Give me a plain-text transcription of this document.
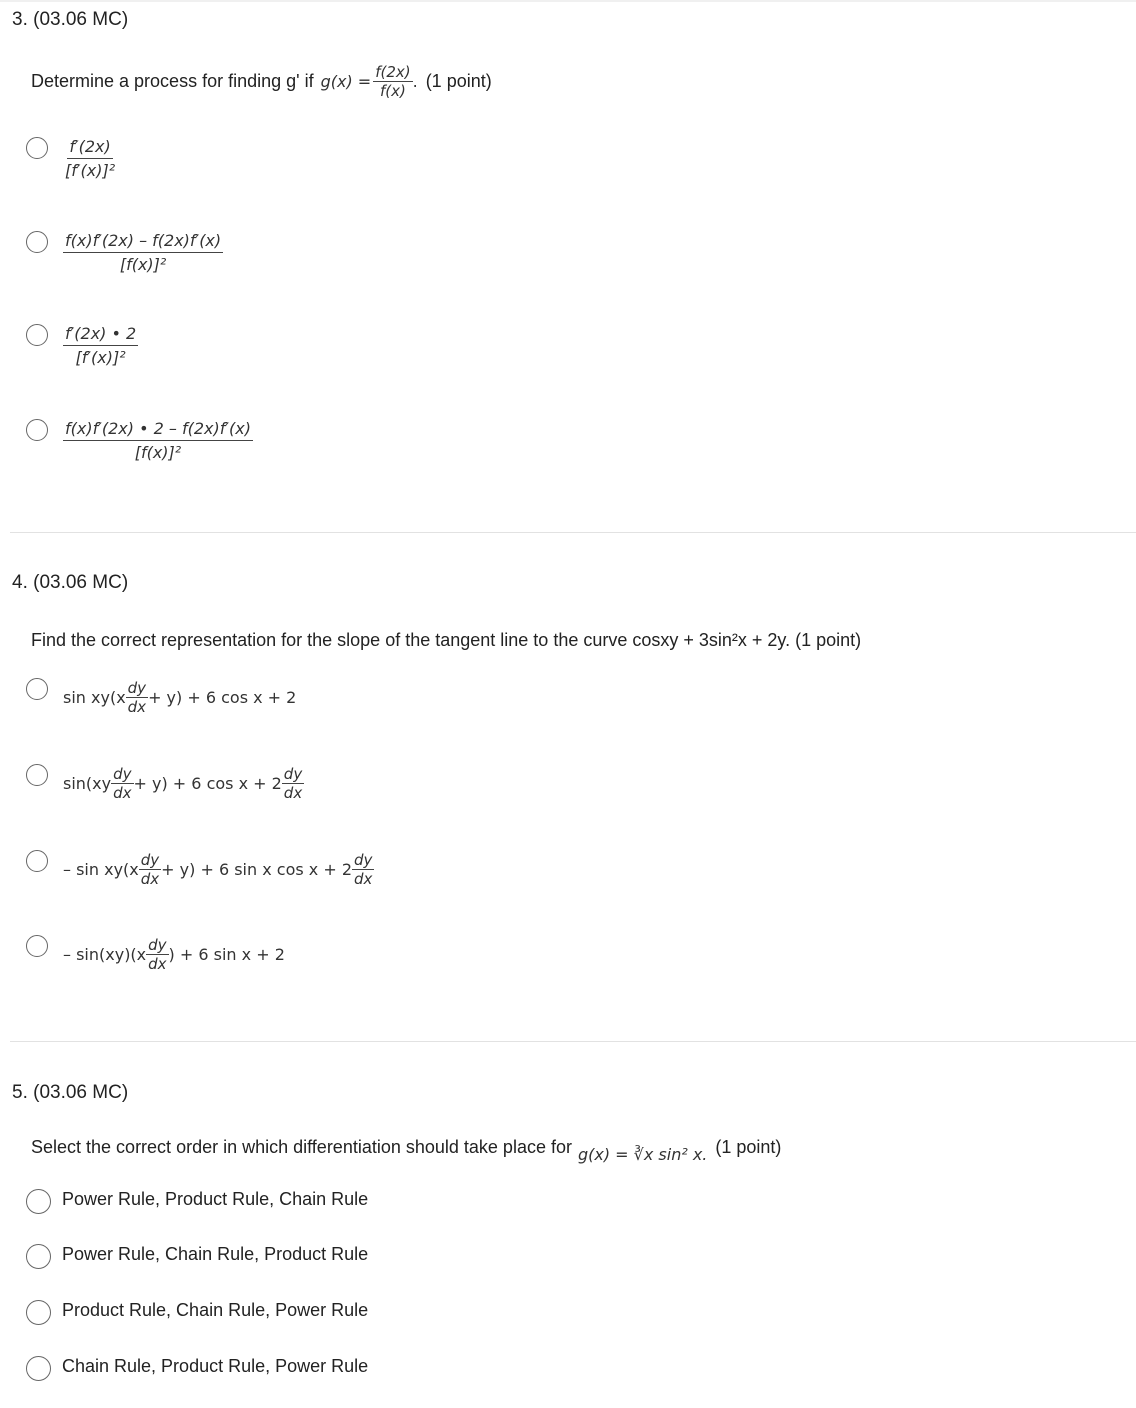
3. (03.06 MC)
Determine a process for finding g' if $g(x) = \frac{f(2x)}{f(x)}$ . (1 point)
$\frac{f'(2x)}{\text{[f′(x)]²}}$
$\frac{f(x)f'(2x) - f(2x)f'(x)}{\text{[f(x)]²}}$
$\frac{f'(2x) • 2}{\text{[f′(x)]²}}$
$\frac{f(x)f'(2x) • 2 - f(2x)f'(x)}{\text{[f(x)]²}}$
4. (03.06 MC)
Find the correct representation for the slope of the tangent line to the curve cosxy + 3sin²x + 2y. (1 point)
$\sin xy(x \frac{dy}{dx} + y) + 6$ cos x + 2
$\sin(xy \frac{dy}{dx} + y) + 6$ $\cos x + 2 \frac{dy}{dx}$
– $\sin xy(x \frac{dy}{dx} + y) + 6$ sin x $\cos x + 2 \frac{dy}{dx}$
– $\sin(xy)(x \frac{dy}{dx}$ ) + 6 sin x + 2
5. (03.06 MC)
Select the correct order in which differentiation should take place for g(x) = ∛x sin² x. (1 point)
Power Rule, Product Rule, Chain Rule
Power Rule, Chain Rule, Product Rule
Product Rule, Chain Rule, Power Rule
Chain Rule, Product Rule, Power Rule
